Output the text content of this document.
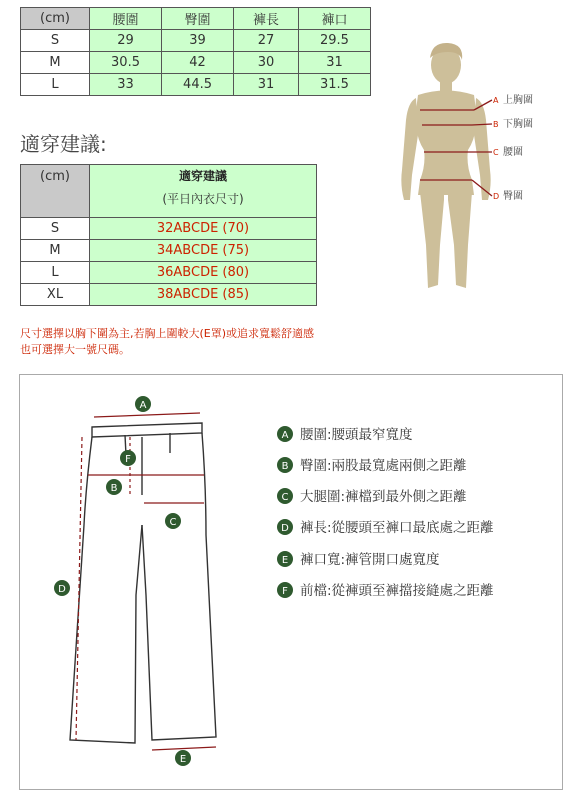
(cm)	腰圍	臀圍	褲長	褲口
S	29	39	27	29.5
M	30.5	42	30	31
L	33	44.5	31	31.5
A
B
C
D
上胸圍
下胸圍
腰圍
臀圍
適穿建議:
(cm)	適穿建議
(平日內衣尺寸)

S	32ABCDE (70)
M	34ABCDE (75)
L	36ABCDE (80)
XL	38ABCDE (85)
尺寸選擇以胸下圍為主,若胸上圍較大(E罩)或追求寬鬆舒適感
也可選擇大一號尺碼。
A
B
C
D
E
F
A
B
C
D
E
F
腰圍:腰頭最窄寬度
臀圍:兩股最寬處兩側之距離
大腿圍:褲檔到最外側之距離
褲長:從腰頭至褲口最底處之距離
褲口寬:褲管開口處寬度
前檔:從褲頭至褲擋接縫處之距離
